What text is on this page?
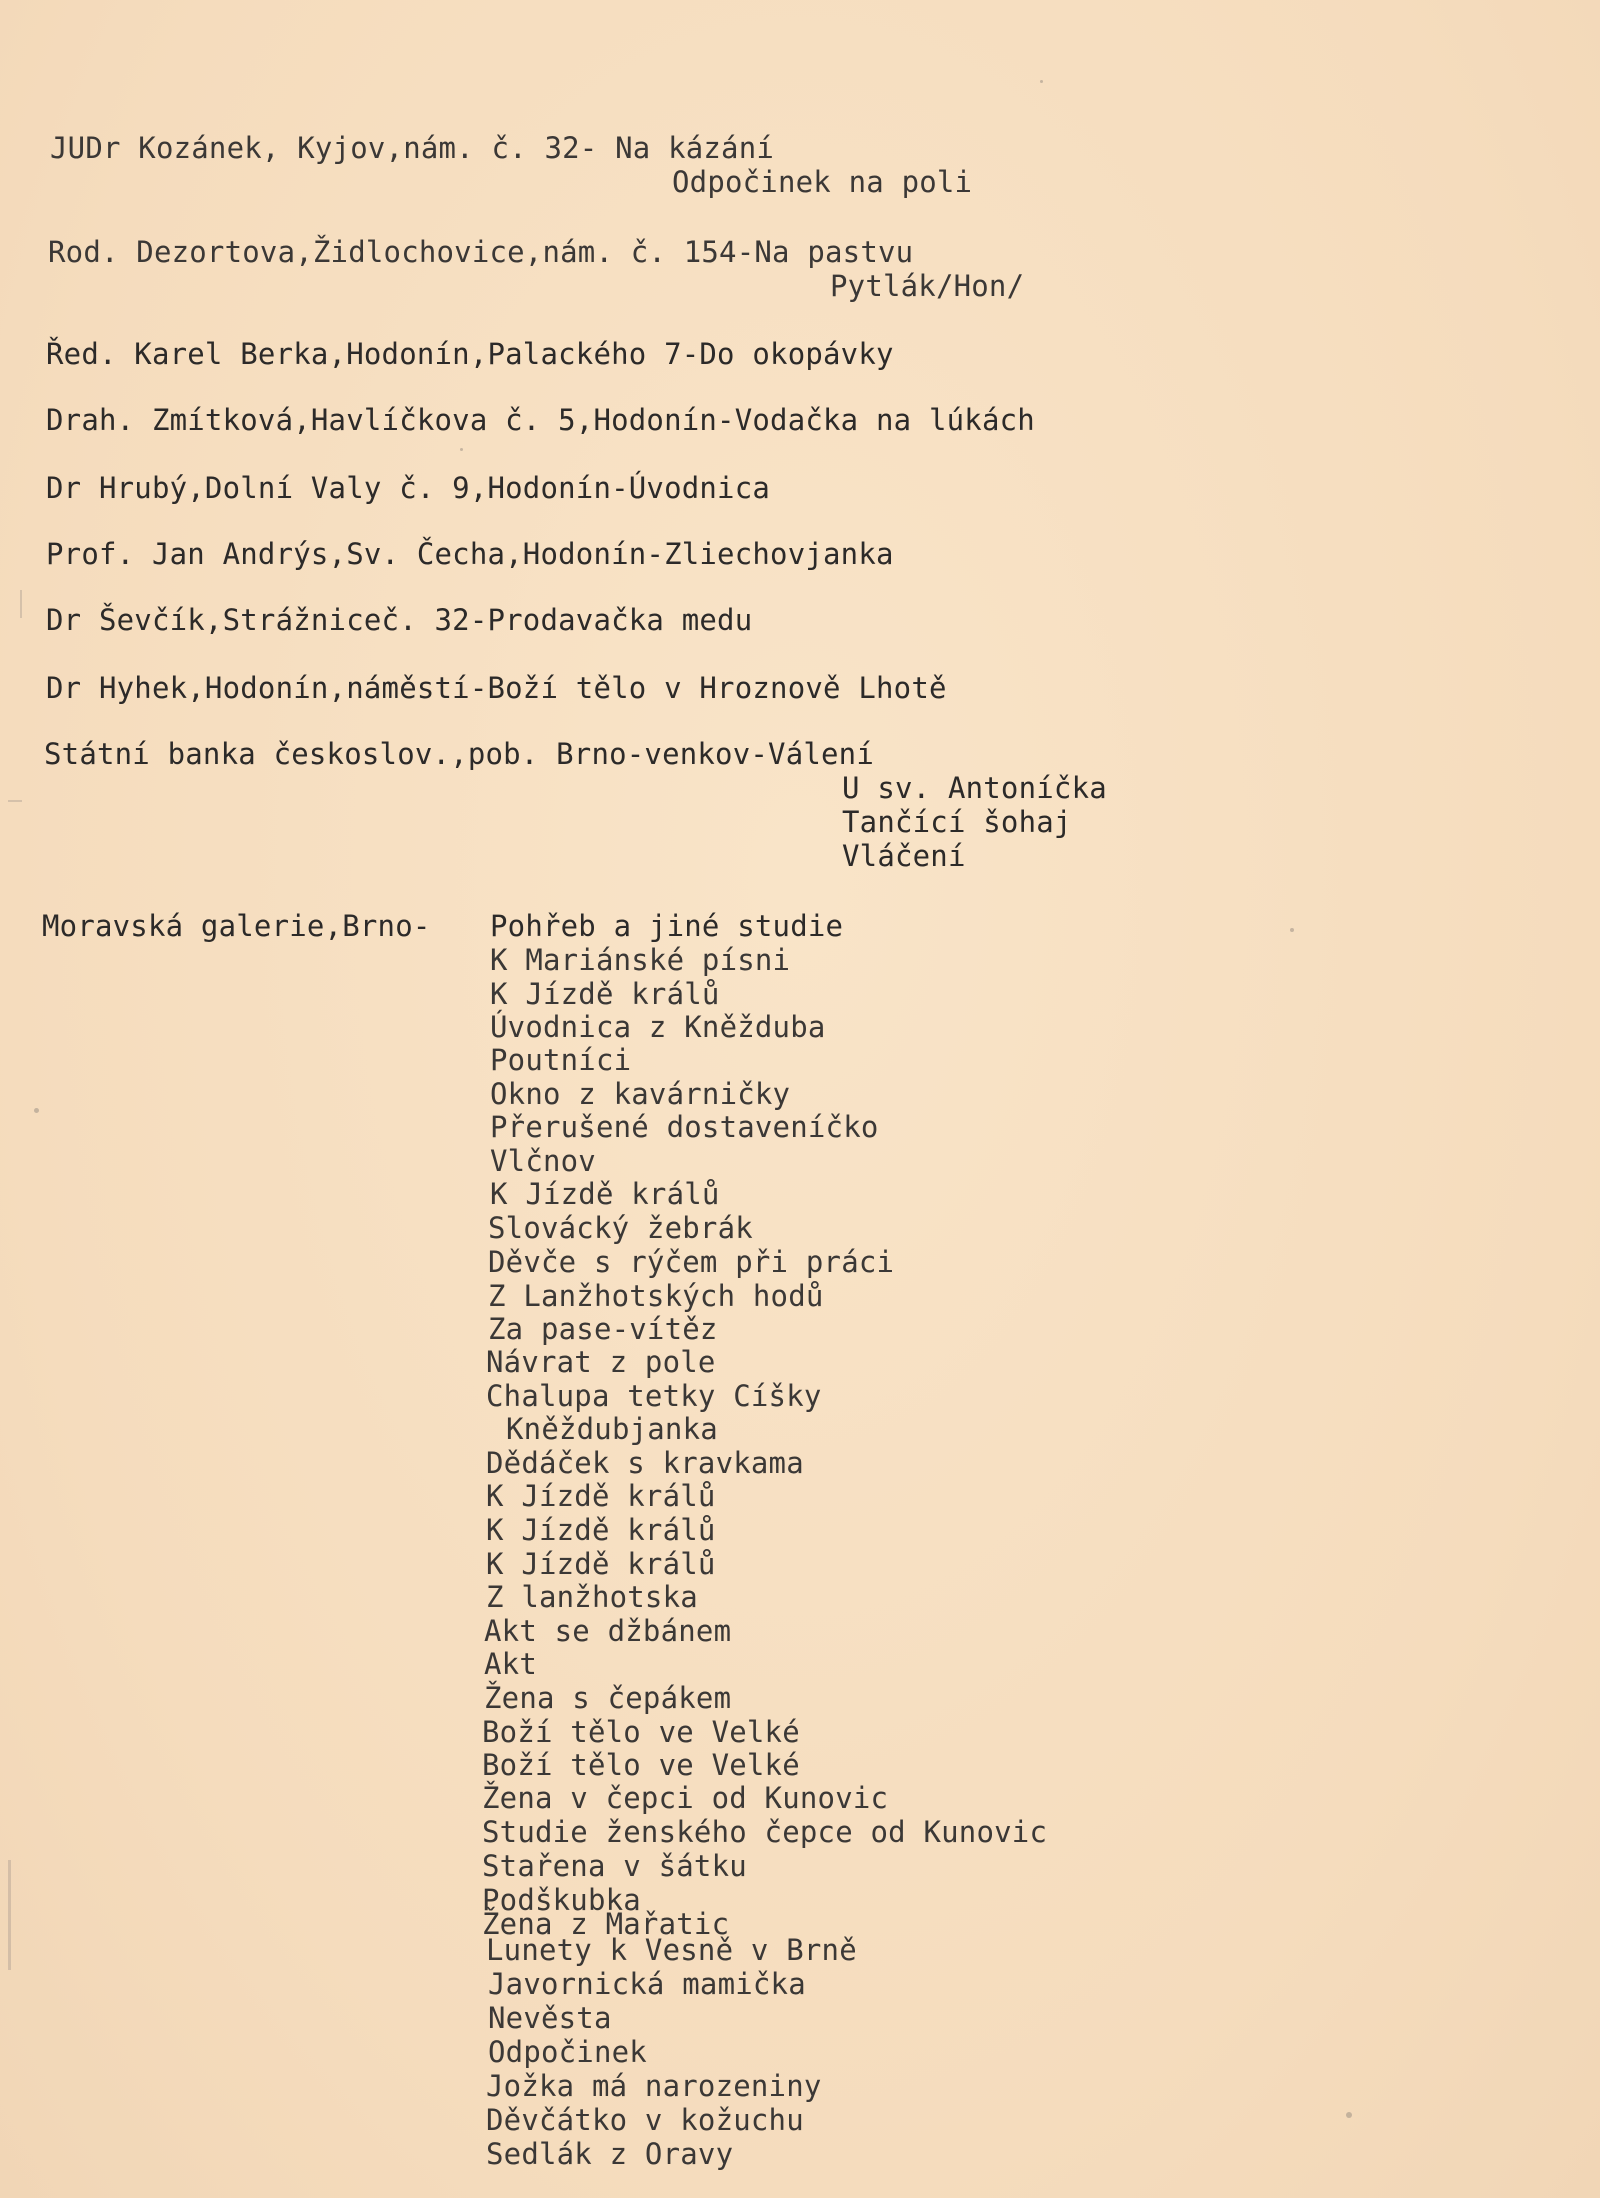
JUDr Kozánek, Kyjov,nám. č. 32- Na kázání
Odpočinek na poli
Rod. Dezortova,Židlochovice,nám. č. 154-Na pastvu
Pytlák/Hon/
Řed. Karel Berka,Hodonín,Palackého 7-Do okopávky
Drah. Zmítková,Havlíčkova č. 5,Hodonín-Vodačka na lúkách
Dr Hrubý,Dolní Valy č. 9,Hodonín-Úvodnica
Prof. Jan Andrýs,Sv. Čecha,Hodonín-Zliechovjanka
Dr Ševčík,Strážniceč. 32-Prodavačka medu
Dr Hyhek,Hodonín,náměstí-Boží tělo v Hroznově Lhotě
Státní banka českoslov.,pob. Brno-venkov-Válení
U sv. Antoníčka
Tančící šohaj
Vláčení
Moravská galerie,Brno- Pohřeb a jiné studie
K Mariánské písni
K Jízdě králů
Úvodnica z Kněžduba
Poutníci
Okno z kavárničky
Přerušené dostaveníčko
Vlčnov
K Jízdě králů
Slovácký žebrák
Děvče s rýčem při práci
Z Lanžhotských hodů
Za pase-vítěz
Návrat z pole
Chalupa tetky Cíšky
Kněždubjanka
Dědáček s kravkama
K Jízdě králů
K Jízdě králů
K Jízdě králů
Z lanžhotska
Akt se džbánem
Akt
Žena s čepákem
Boží tělo ve Velké
Boží tělo ve Velké
Žena v čepci od Kunovic
Studie ženského čepce od Kunovic
Stařena v šátku
Podškubka
Žena z Mařatic
Lunety k Vesně v Brně
Javornická mamička
Nevěsta
Odpočinek
Jožka má narozeniny
Děvčátko v kožuchu
Sedlák z Oravy
